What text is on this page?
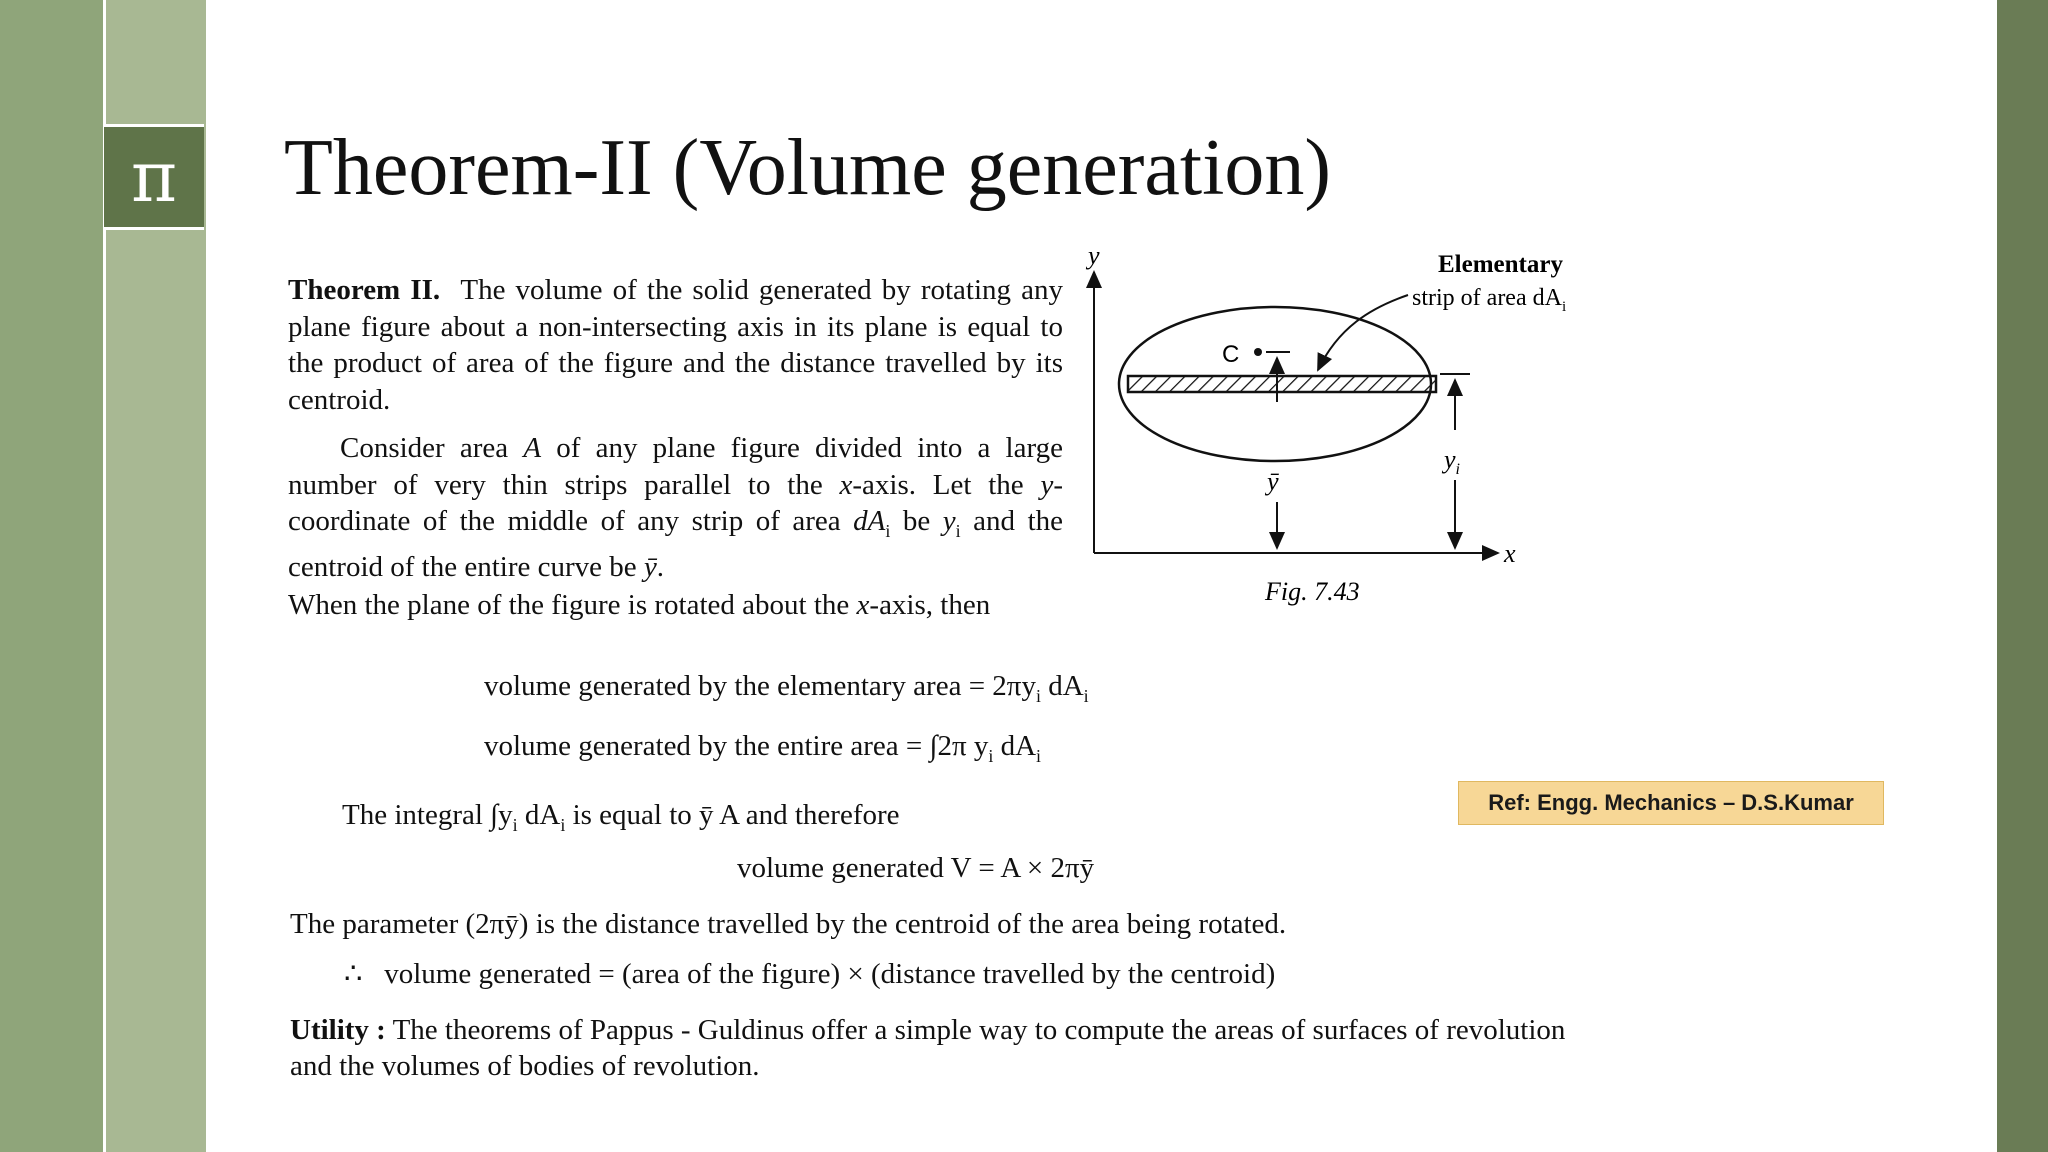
π	Theorem-II (Volume generation)

Theorem II. The volume of the solid generated by rotating any plane figure about a non-intersecting axis in its plane is equal to the product of area of the figure and the distance travelled by its centroid.

Consider area A of any plane figure divided into a large number of very thin strips parallel to the x-axis. Let the y-coordinate of the middle of any strip of area $dA_i$ be $y_i$ and the centroid of the entire curve be ȳ.

When the plane of the figure is rotated about the x-axis, then

volume generated by the elementary area = $2\pi y_i$ $dA_i$
volume generated by the entire area = ∫2π $y_i$ $dA_i$
The integral $\int y_i$ $dA_i$ is equal to ȳ A and therefore
volume generated V = A × 2πȳ
The parameter (2πȳ) is the distance travelled by the centroid of the area being rotated.
∴ volume generated = (area of the figure) × (distance travelled by the centroid)

Utility : The theorems of Pappus - Guldinus offer a simple way to compute the areas of surfaces of revolution and the volumes of bodies of revolution.

y
x
C
ȳ
$y_i$
Elementary
strip of area $dA_i$
Fig. 7.43
Ref: Engg. Mechanics – D.S.Kumar
